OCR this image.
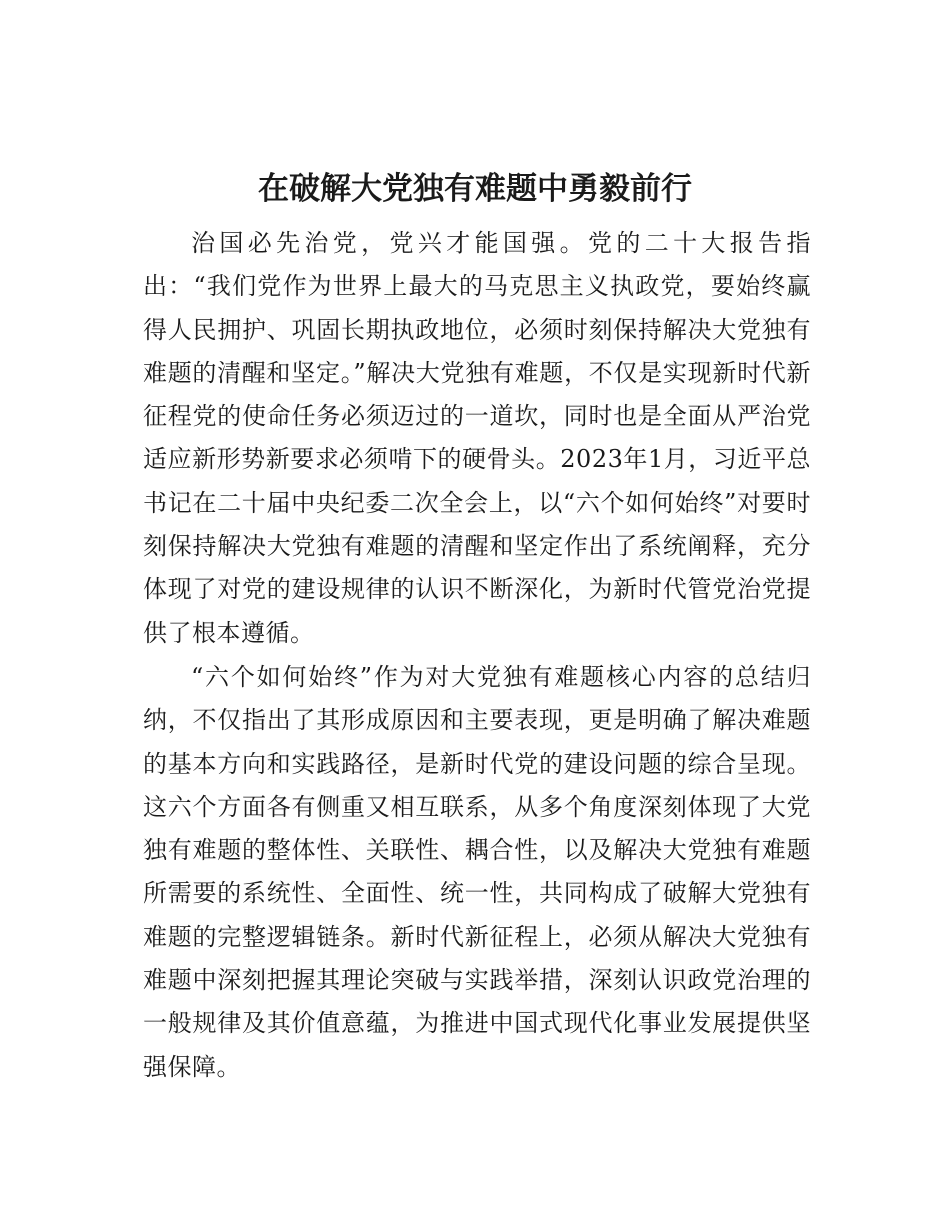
在破解大党独有难题中勇毅前行

治国必先治党，党兴才能国强。党的二十大报告指出：“我们党作为世界上最大的马克思主义执政党，要始终赢得人民拥护、巩固长期执政地位，必须时刻保持解决大党独有难题的清醒和坚定。”解决大党独有难题，不仅是实现新时代新征程党的使命任务必须迈过的一道坎，同时也是全面从严治党适应新形势新要求必须啃下的硬骨头。2023年1月，习近平总书记在二十届中央纪委二次全会上，以“六个如何始终”对要时刻保持解决大党独有难题的清醒和坚定作出了系统阐释，充分体现了对党的建设规律的认识不断深化，为新时代管党治党提供了根本遵循。

“六个如何始终”作为对大党独有难题核心内容的总结归纳，不仅指出了其形成原因和主要表现，更是明确了解决难题的基本方向和实践路径，是新时代党的建设问题的综合呈现。这六个方面各有侧重又相互联系，从多个角度深刻体现了大党独有难题的整体性、关联性、耦合性，以及解决大党独有难题所需要的系统性、全面性、统一性，共同构成了破解大党独有难题的完整逻辑链条。新时代新征程上，必须从解决大党独有难题中深刻把握其理论突破与实践举措，深刻认识政党治理的一般规律及其价值意蕴，为推进中国式现代化事业发展提供坚强保障。
